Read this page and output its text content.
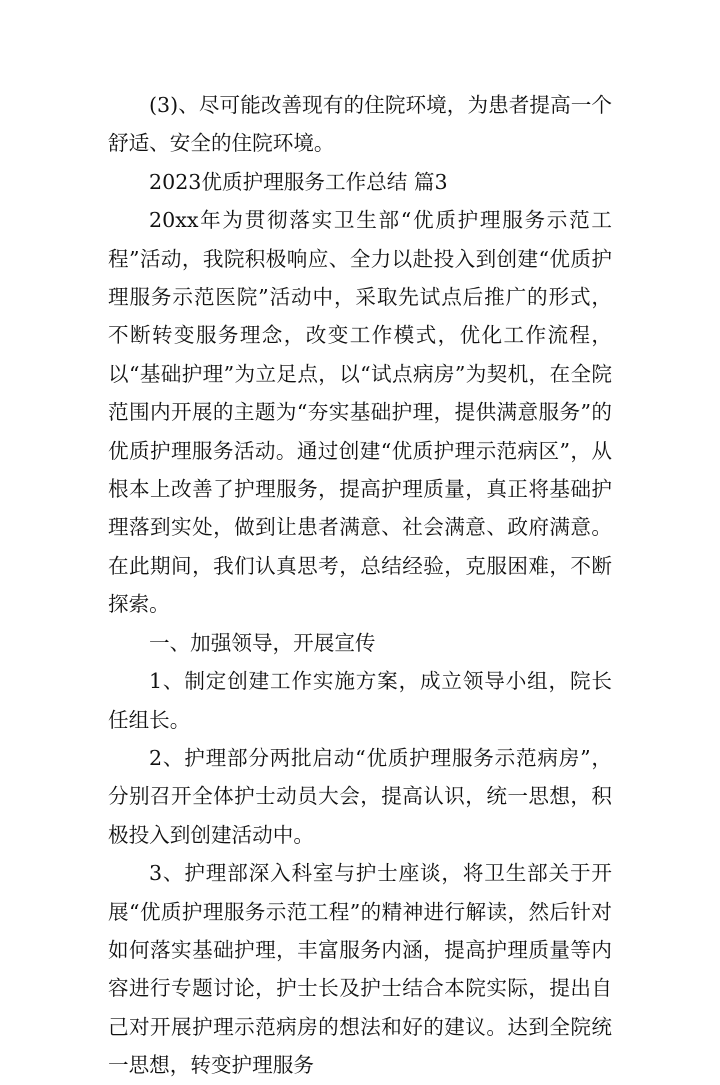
(3)、尽可能改善现有的住院环境，为患者提高一个舒适、安全的住院环境。

2023优质护理服务工作总结 篇3

20xx年为贯彻落实卫生部“优质护理服务示范工程”活动，我院积极响应、全力以赴投入到创建“优质护理服务示范医院”活动中，采取先试点后推广的形式，不断转变服务理念，改变工作模式，优化工作流程，以“基础护理”为立足点，以“试点病房”为契机，在全院范围内开展的主题为“夯实基础护理，提供满意服务”的优质护理服务活动。通过创建“优质护理示范病区”，从根本上改善了护理服务，提高护理质量，真正将基础护理落到实处，做到让患者满意、社会满意、政府满意。在此期间，我们认真思考，总结经验，克服困难，不断探索。

一、加强领导，开展宣传

1、制定创建工作实施方案，成立领导小组，院长任组长。

2、护理部分两批启动“优质护理服务示范病房”，分别召开全体护士动员大会，提高认识，统一思想，积极投入到创建活动中。

3、护理部深入科室与护士座谈，将卫生部关于开展“优质护理服务示范工程”的精神进行解读，然后针对如何落实基础护理，丰富服务内涵，提高护理质量等内容进行专题讨论，护士长及护士结合本院实际，提出自己对开展护理示范病房的想法和好的建议。达到全院统一思想，转变护理服务
